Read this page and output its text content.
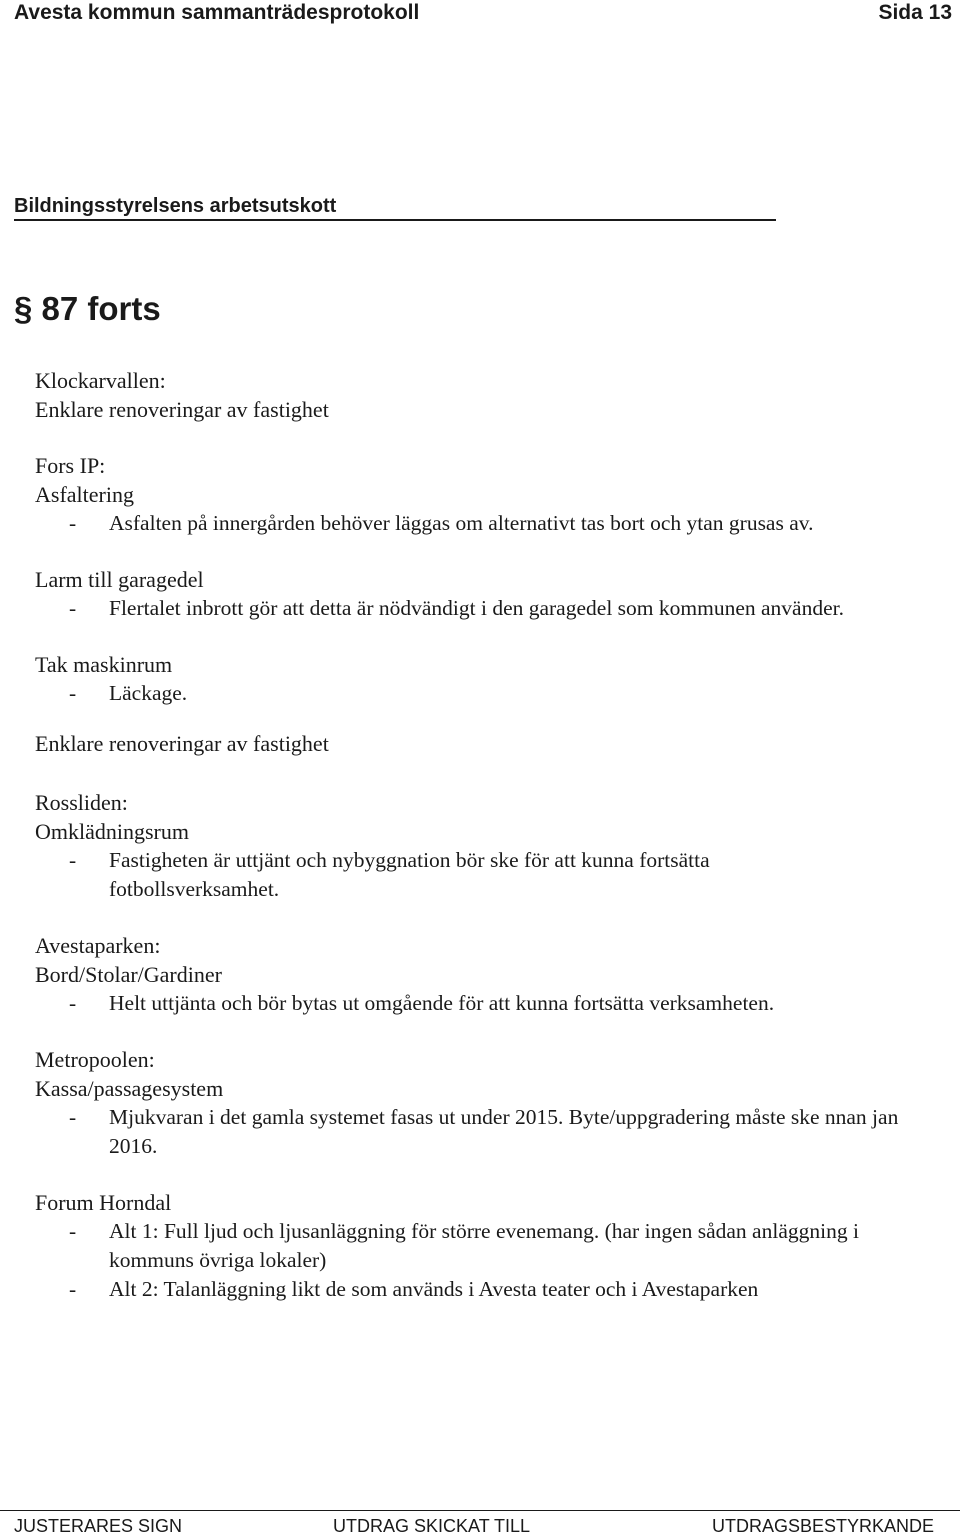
Avesta kommun sammanträdesprotokoll	Sida 13
Bildningsstyrelsens arbetsutskott
§ 87 forts

Klockarvallen:

Enklare renoveringar av fastighet

Fors IP:

Asfaltering

- Asfalten på innergården behöver läggas om alternativt tas bort och ytan grusas av.

Larm till garagedel

- Flertalet inbrott gör att detta är nödvändigt i den garagedel som kommunen använder.

Tak maskinrum

- Läckage.

Enklare renoveringar av fastighet

Rossliden:

Omklädningsrum

- Fastigheten är uttjänt och nybyggnation bör ske för att kunna fortsätta fotbollsverksamhet.

Avestaparken:

Bord/Stolar/Gardiner

- Helt uttjänta och bör bytas ut omgående för att kunna fortsätta verksamheten.

Metropoolen:

Kassa/passagesystem

- Mjukvaran i det gamla systemet fasas ut under 2015. Byte/uppgradering måste ske nnan jan 2016.

Forum Horndal

- Alt 1: Full ljud och ljusanläggning för större evenemang. (har ingen sådan anläggning i kommuns övriga lokaler)

- Alt 2: Talanläggning likt de som används i Avesta teater och i Avestaparken

JUSTERARES SIGN	UTDRAG SKICKAT TILL	UTDRAGSBESTYRKANDE
